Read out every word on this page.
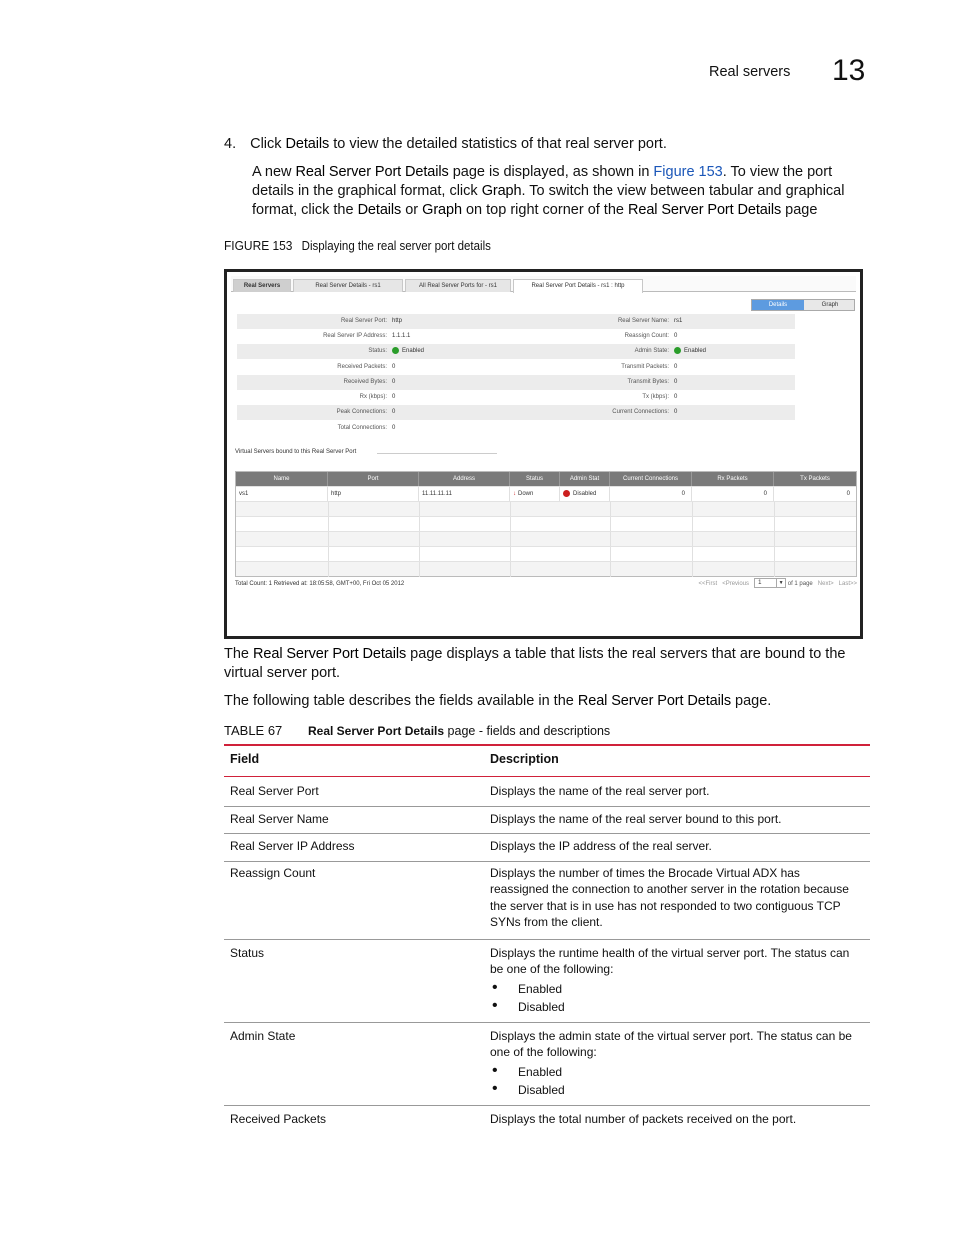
Real servers 13
4. Click Details to view the detailed statistics of that real server port.
A new Real Server Port Details page is displayed, as shown in Figure 153. To view the port
details in the graphical format, click Graph. To switch the view between tabular and graphical
format, click the Details or Graph on top right corner of the Real Server Port Details page
FIGURE 153 Displaying the real server port details
Real Servers	Real Server Details - rs1	All Real Server Ports for - rs1	Real Server Port Details - rs1 : http
Details	Graph
Real Server Port: http	Real Server Name: rs1
Real Server IP Address: 1.1.1.1	Reassign Count: 0
Status:	Enabled	Admin State:	Enabled
Received Packets: 0	Transmit Packets: 0
Received Bytes: 0	Transmit Bytes: 0
Rx (kbps): 0	Tx (kbps): 0
Peak Connections: 0	Current Connections: 0
Total Connections: 0
Virtual Servers bound to this Real Server Port
Name	Port	Address	Status	Admin Stat	Current Connections	Rx Packets	Tx Packets
vs1	http	11.11.11.11	↓ Down	Disabled	0	0	0
Total Count: 1 Retrieved at: 18:05:58, GMT+00, Fri Oct 05 2012	<<First <Previous 1	▼ of 1 page Next> Last>>
The Real Server Port Details page displays a table that lists the real servers that are bound to the
virtual server port.
The following table describes the fields available in the Real Server Port Details page.
TABLE 67 Real Server Port Details page - fields and descriptions
Field	Description
Real Server Port	Displays the name of the real server port.
Real Server Name	Displays the name of the real server bound to this port.
Real Server IP Address	Displays the IP address of the real server.
Reassign Count	Displays the number of times the Brocade Virtual ADX has reassigned the connection to another server in the rotation because the server that is in use has not responded to two contiguous TCP SYNs from the client.
Status	Displays the runtime health of the virtual server port. The status can be one of the following:
• Enabled
• Disabled
Admin State	Displays the admin state of the virtual server port. The status can be one of the following:
• Enabled
• Disabled
Received Packets	Displays the total number of packets received on the port.
